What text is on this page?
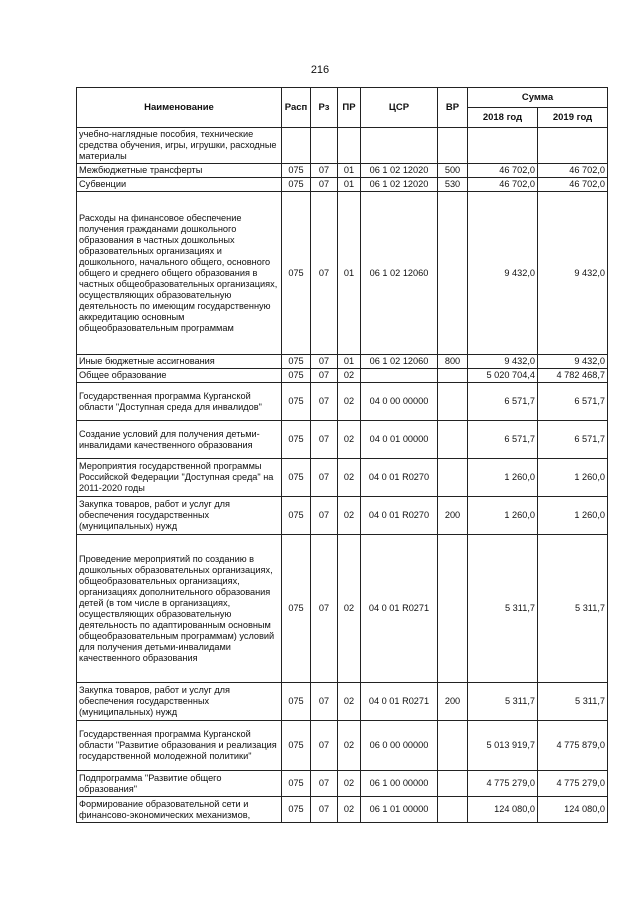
216
Наименование	Расп	Рз	ПР	ЦСР	ВР	Сумма	
						2018 год	2019 год
учебно-наглядные пособия, технические средства обучения, игры, игрушки, расходные материалы							
Межбюджетные трансферты	075	07	01	06 1 02 12020	500	46 702,0	46 702,0
Субвенции	075	07	01	06 1 02 12020	530	46 702,0	46 702,0
Расходы на финансовое обеспечение получения гражданами дошкольного образования в частных дошкольных образовательных организациях и дошкольного, начального общего, основного общего и среднего общего образования в частных общеобразовательных организациях, осуществляющих образовательную деятельность по имеющим государственную аккредитацию основным общеобразовательным программам	075	07	01	06 1 02 12060		9 432,0	9 432,0
Иные бюджетные ассигнования	075	07	01	06 1 02 12060	800	9 432,0	9 432,0
Общее образование	075	07	02			5 020 704,4	4 782 468,7
Государственная программа Курганской области "Доступная среда для инвалидов"	075	07	02	04 0 00 00000		6 571,7	6 571,7
Создание условий для получения детьми-инвалидами качественного образования	075	07	02	04 0 01 00000		6 571,7	6 571,7
Мероприятия государственной программы Российской Федерации "Доступная среда" на 2011-2020 годы	075	07	02	04 0 01 R0270		1 260,0	1 260,0
Закупка товаров, работ и услуг для обеспечения государственных (муниципальных) нужд	075	07	02	04 0 01 R0270	200	1 260,0	1 260,0
Проведение мероприятий по созданию в дошкольных образовательных организациях, общеобразовательных организациях, организациях дополнительного образования детей (в том числе в организациях, осуществляющих образовательную деятельность по адаптированным основным общеобразовательным программам) условий для получения детьми-инвалидами качественного образования	075	07	02	04 0 01 R0271		5 311,7	5 311,7
Закупка товаров, работ и услуг для обеспечения государственных (муниципальных) нужд	075	07	02	04 0 01 R0271	200	5 311,7	5 311,7
Государственная программа Курганской области "Развитие образования и реализация государственной молодежной политики"	075	07	02	06 0 00 00000		5 013 919,7	4 775 879,0
Подпрограмма "Развитие общего образования"	075	07	02	06 1 00 00000		4 775 279,0	4 775 279,0
Формирование образовательной сети и финансово-экономических механизмов,	075	07	02	06 1 01 00000		124 080,0	124 080,0
